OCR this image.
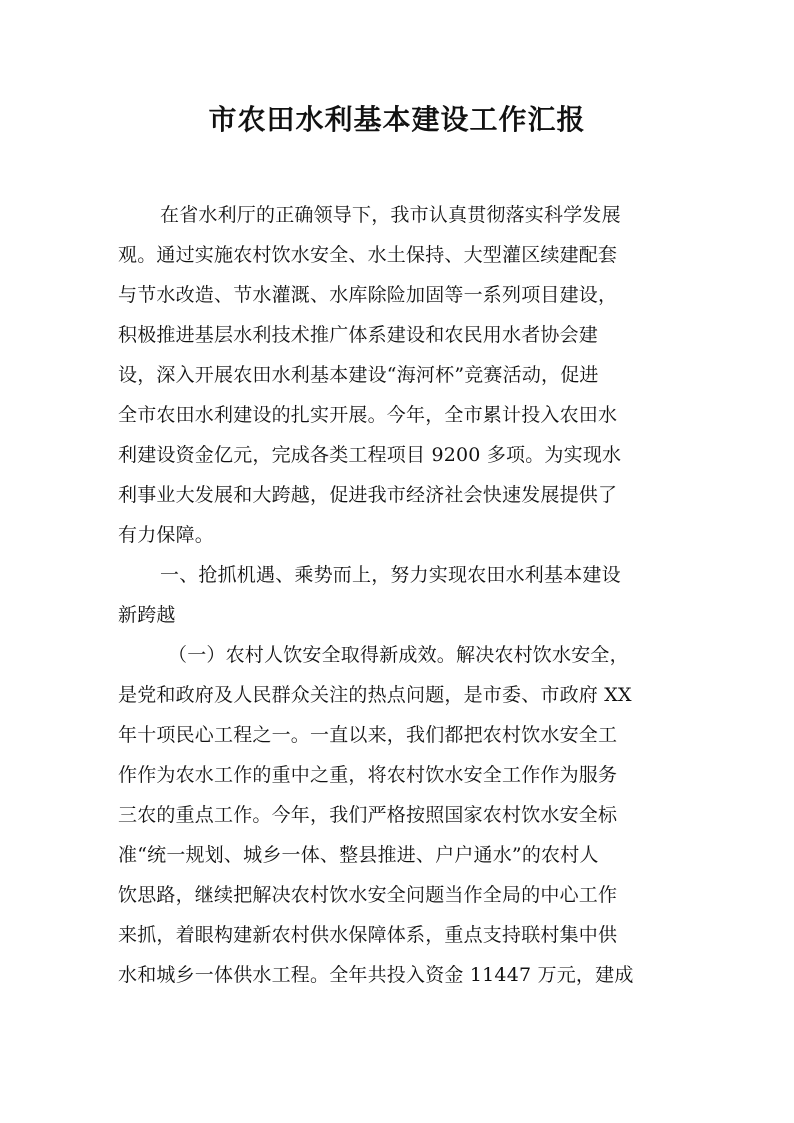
市农田水利基本建设工作汇报
在省水利厅的正确领导下，我市认真贯彻落实科学发展
观。通过实施农村饮水安全、水土保持、大型灌区续建配套
与节水改造、节水灌溉、水库除险加固等一系列项目建设，
积极推进基层水利技术推广体系建设和农民用水者协会建
设，深入开展农田水利基本建设“海河杯”竞赛活动，促进
全市农田水利建设的扎实开展。今年，全市累计投入农田水
利建设资金亿元，完成各类工程项目 9200 多项。为实现水
利事业大发展和大跨越，促进我市经济社会快速发展提供了
有力保障。
一、抢抓机遇、乘势而上，努力实现农田水利基本建设
新跨越
（一）农村人饮安全取得新成效。解决农村饮水安全，
是党和政府及人民群众关注的热点问题，是市委、市政府 XX
年十项民心工程之一。一直以来，我们都把农村饮水安全工
作作为农水工作的重中之重，将农村饮水安全工作作为服务
三农的重点工作。今年，我们严格按照国家农村饮水安全标
准“统一规划、城乡一体、整县推进、户户通水”的农村人
饮思路，继续把解决农村饮水安全问题当作全局的中心工作
来抓，着眼构建新农村供水保障体系，重点支持联村集中供
水和城乡一体供水工程。全年共投入资金 11447 万元，建成
